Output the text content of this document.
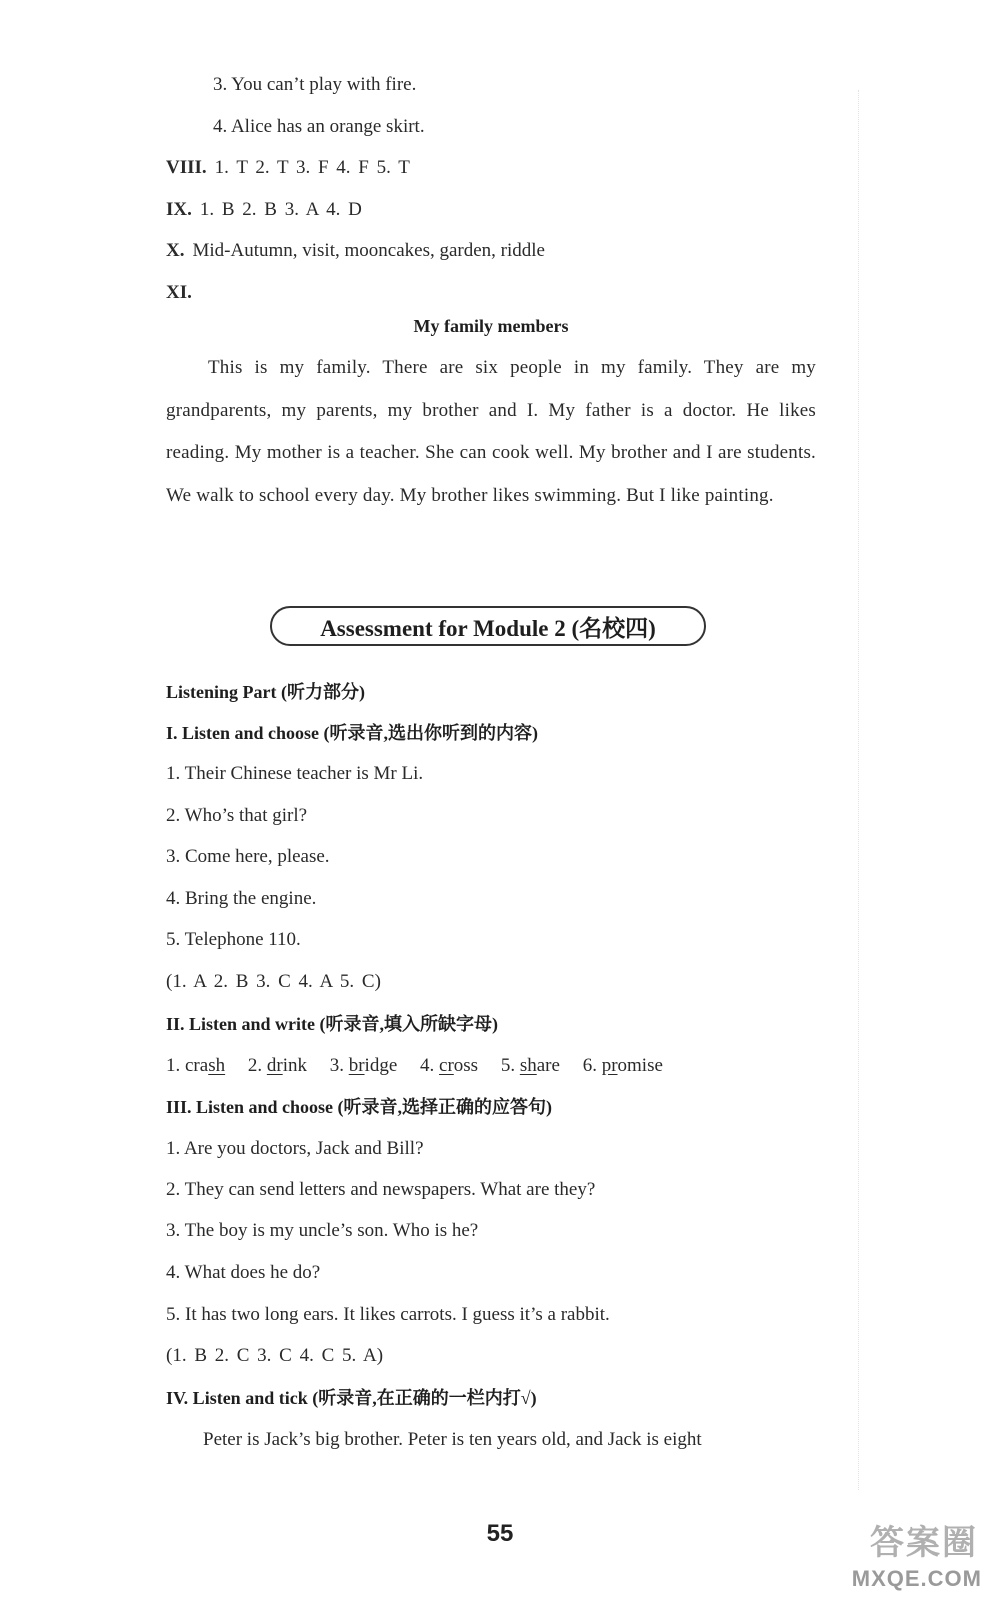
3. You can’t play with fire.
4. Alice has an orange skirt.
VIII. 1. T 2. T 3. F 4. F 5. T
IX. 1. B 2. B 3. A 4. D
X. Mid-Autumn, visit, mooncakes, garden, riddle
XI.
My family members
This is my family. There are six people in my family. They are my grandparents, my parents, my brother and I. My father is a doctor. He likes reading. My mother is a teacher. She can cook well. My brother and I are students. We walk to school every day. My brother likes swimming. But I like painting.
Assessment for Module 2 (名校四)
Listening Part (听力部分)
I. Listen and choose (听录音,选出你听到的内容)
1. Their Chinese teacher is Mr Li.
2. Who’s that girl?
3. Come here, please.
4. Bring the engine.
5. Telephone 110.
(1. A 2. B 3. C 4. A 5. C)
II. Listen and write (听录音,填入所缺字母)
1. crash 2. drink 3. bridge 4. cross 5. share 6. promise
III. Listen and choose (听录音,选择正确的应答句)
1. Are you doctors, Jack and Bill?
2. They can send letters and newspapers. What are they?
3. The boy is my uncle’s son. Who is he?
4. What does he do?
5. It has two long ears. It likes carrots. I guess it’s a rabbit.
(1. B 2. C 3. C 4. C 5. A)
IV. Listen and tick (听录音,在正确的一栏内打√)
Peter is Jack’s big brother. Peter is ten years old, and Jack is eight
55	答案圈
MXQE.COM
